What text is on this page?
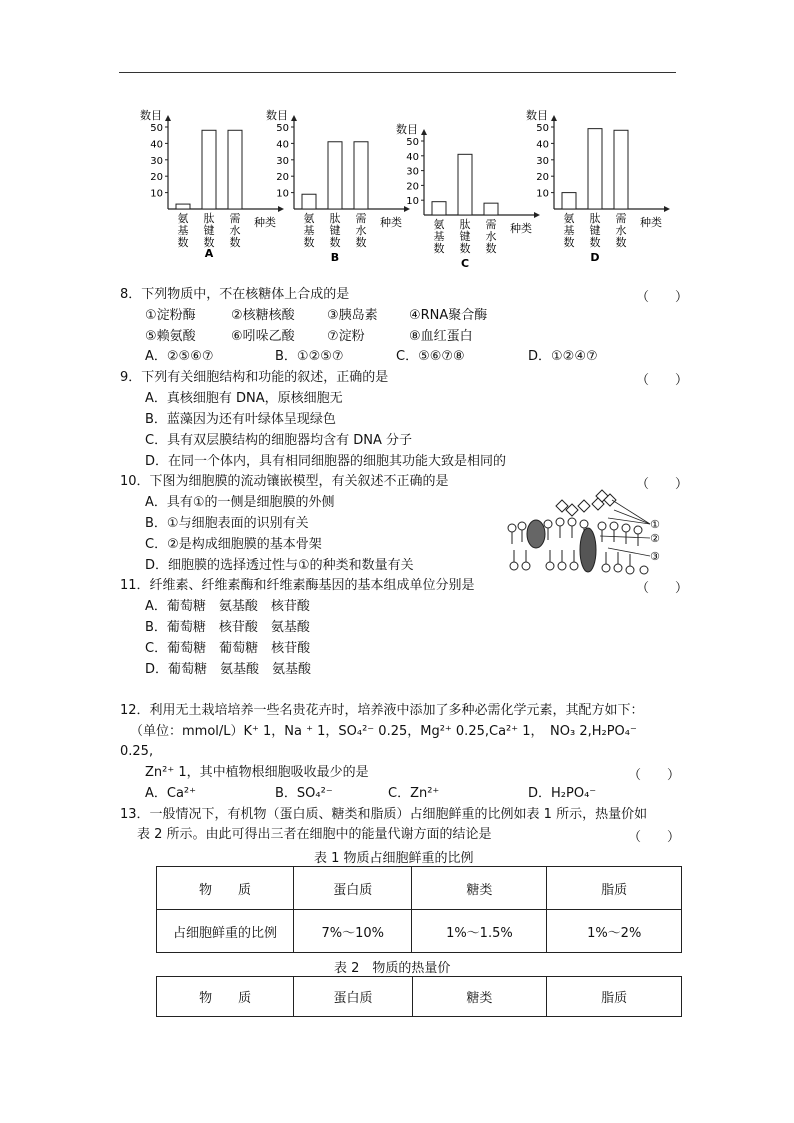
数目
10
20
30
40
50
氨
基
数
肽
键
数
需
水
数
种类
A
数目
10
20
30
40
50
氨
基
数
肽
键
数
需
水
数
种类
B
数目
10
20
30
40
50
氨
基
数
肽
键
数
需
水
数
种类
C
数目
10
20
30
40
50
氨
基
数
肽
键
数
需
水
数
种类
D
8．下列物质中，不在核糖体上合成的是	（　　）
①淀粉酶	②核糖核酸 ③胰岛素 ④RNA聚合酶
⑤赖氨酸	⑥吲哚乙酸 ⑦淀粉	⑧血红蛋白
A．②⑤⑥⑦	B．①②⑤⑦	C．⑤⑥⑦⑧	D．①②④⑦
9．下列有关细胞结构和功能的叙述，正确的是	（　　）
A．真核细胞有 DNA，原核细胞无
B．蓝藻因为还有叶绿体呈现绿色
C．具有双层膜结构的细胞器均含有 DNA 分子
D．在同一个体内，具有相同细胞器的细胞其功能大致是相同的
10．下图为细胞膜的流动镶嵌模型，有关叙述不正确的是	（　　）
A．具有①的一侧是细胞膜的外侧
B．①与细胞表面的识别有关
C．②是构成细胞膜的基本骨架
D．细胞膜的选择透过性与①的种类和数量有关
①
②
③
11．纤维素、纤维素酶和纤维素酶基因的基本组成单位分别是	（　　）
A．葡萄糖　氨基酸　核苷酸
B．葡萄糖　核苷酸　氨基酸
C．葡萄糖　葡萄糖　核苷酸
D．葡萄糖　氨基酸　氨基酸
12．利用无土栽培培养一些名贵花卉时，培养液中添加了多种必需化学元素，其配方如下：
（单位：mmol/L）K⁺ 1，Na ⁺ 1，SO₄²⁻ 0.25，Mg²⁺ 0.25,Ca²⁺ 1，　NO₃ 2,H₂PO₄⁻
0.25,
Zn²⁺ 1，其中植物根细胞吸收最少的是	（　　）
A．Ca²⁺	B．SO₄²⁻	C．Zn²⁺	D．H₂PO₄⁻
13．一般情况下，有机物（蛋白质、糖类和脂质）占细胞鲜重的比例如表 1 所示，热量价如
表 2 所示。由此可得出三者在细胞中的能量代谢方面的结论是	（　　）
表 1 物质占细胞鲜重的比例
物　　质	蛋白质	糖类	脂质
占细胞鲜重的比例	7%～10%	1%～1.5%	1%～2%
表 2　物质的热量价
物　　质	蛋白质	糖类	脂质
